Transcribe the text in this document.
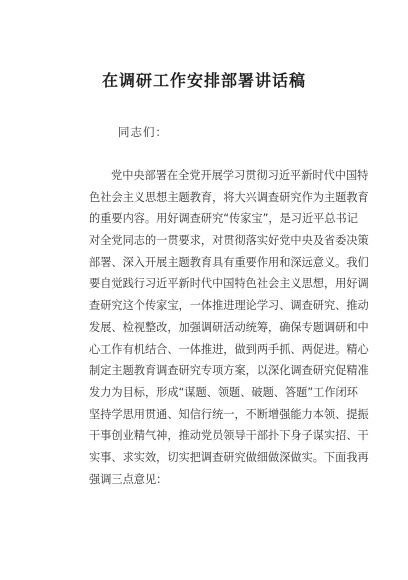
在调研工作安排部署讲话稿
同志们：
党中央部署在全党开展学习贯彻习近平新时代中国特
色社会主义思想主题教育，将大兴调查研究作为主题教育
的重要内容。用好调查研究“传家宝”，是习近平总书记
对全党同志的一贯要求，对贯彻落实好党中央及省委决策
部署、深入开展主题教育具有重要作用和深远意义。我们
要自觉践行习近平新时代中国特色社会主义思想，用好调
查研究这个传家宝，一体推进理论学习、调查研究、推动
发展、检视整改，加强调研活动统筹，确保专题调研和中
心工作有机结合、一体推进，做到两手抓、两促进。精心
制定主题教育调查研究专项方案，以深化调查研究促精准
发力为目标，形成“谋题、领题、破题、答题”工作闭环
坚持学思用贯通、知信行统一，不断增强能力本领、提振
干事创业精气神，推动党员领导干部扑下身子谋实招、干
实事、求实效，切实把调查研究做细做深做实。下面我再
强调三点意见：
